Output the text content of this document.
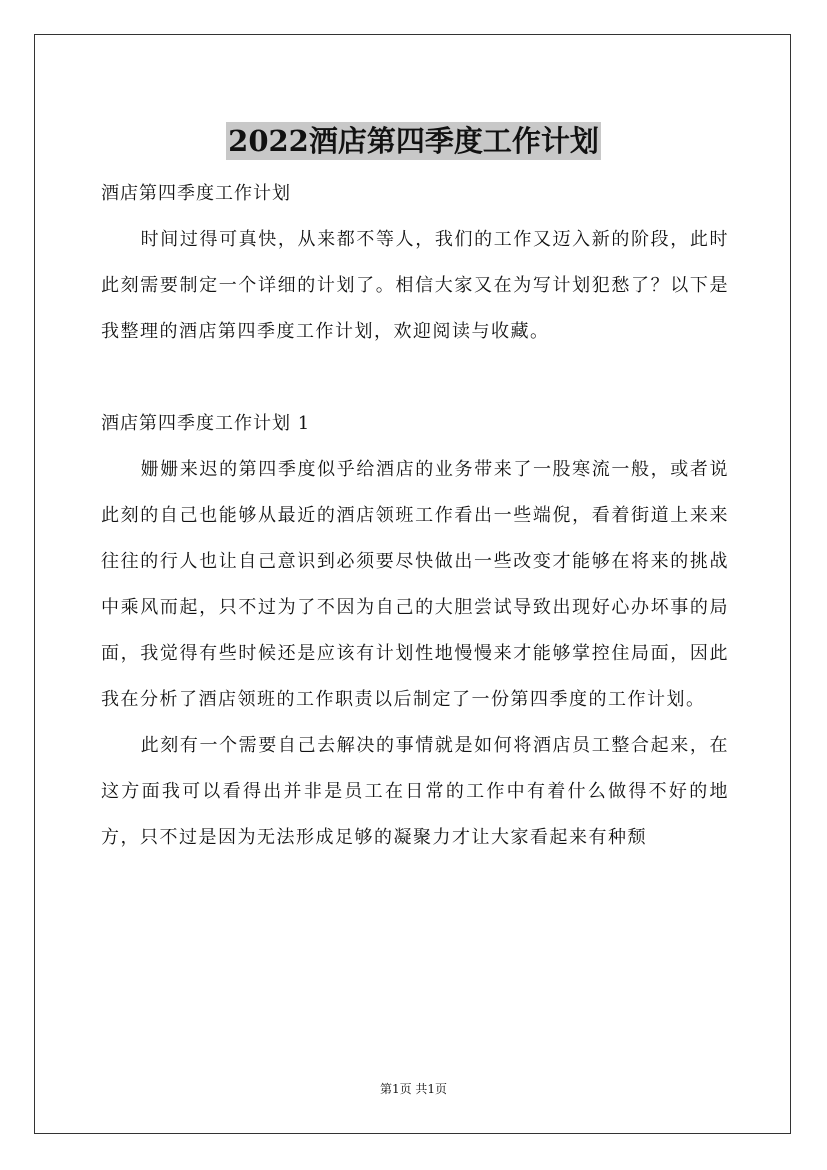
2022酒店第四季度工作计划

酒店第四季度工作计划

时间过得可真快，从来都不等人，我们的工作又迈入新的阶段，此时此刻需要制定一个详细的计划了。相信大家又在为写计划犯愁了？以下是我整理的酒店第四季度工作计划，欢迎阅读与收藏。

酒店第四季度工作计划 1

姗姗来迟的第四季度似乎给酒店的业务带来了一股寒流一般，或者说此刻的自己也能够从最近的酒店领班工作看出一些端倪，看着街道上来来往往的行人也让自己意识到必须要尽快做出一些改变才能够在将来的挑战中乘风而起，只不过为了不因为自己的大胆尝试导致出现好心办坏事的局面，我觉得有些时候还是应该有计划性地慢慢来才能够掌控住局面，因此我在分析了酒店领班的工作职责以后制定了一份第四季度的工作计划。

此刻有一个需要自己去解决的事情就是如何将酒店员工整合起来，在这方面我可以看得出并非是员工在日常的工作中有着什么做得不好的地方，只不过是因为无法形成足够的凝聚力才让大家看起来有种颓

第1页 共1页
